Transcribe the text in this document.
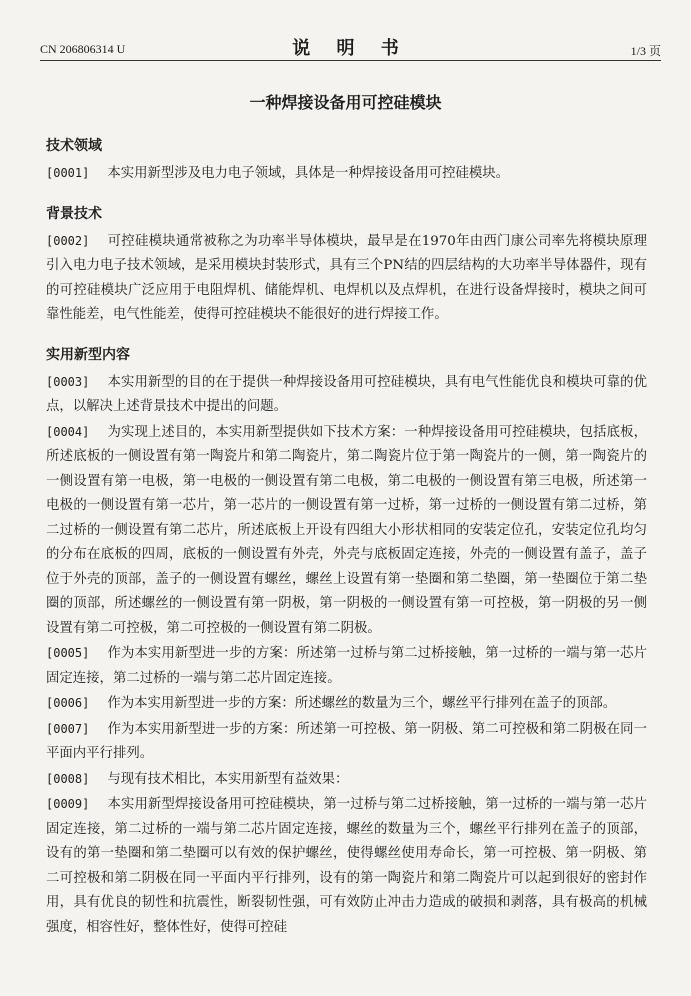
CN 206806314 U	说 明 书	1/3 页
一种焊接设备用可控硅模块
技术领域

[0001] 本实用新型涉及电力电子领域，具体是一种焊接设备用可控硅模块。

背景技术

[0002] 可控硅模块通常被称之为功率半导体模块，最早是在1970年由西门康公司率先将模块原理引入电力电子技术领域，是采用模块封装形式，具有三个PN结的四层结构的大功率半导体器件，现有的可控硅模块广泛应用于电阻焊机、储能焊机、电焊机以及点焊机，在进行设备焊接时，模块之间可靠性能差，电气性能差，使得可控硅模块不能很好的进行焊接工作。

实用新型内容

[0003] 本实用新型的目的在于提供一种焊接设备用可控硅模块，具有电气性能优良和模块可靠的优点，以解决上述背景技术中提出的问题。

[0004] 为实现上述目的，本实用新型提供如下技术方案：一种焊接设备用可控硅模块，包括底板，所述底板的一侧设置有第一陶瓷片和第二陶瓷片，第二陶瓷片位于第一陶瓷片的一侧，第一陶瓷片的一侧设置有第一电极，第一电极的一侧设置有第二电极，第二电极的一侧设置有第三电极，所述第一电极的一侧设置有第一芯片，第一芯片的一侧设置有第一过桥，第一过桥的一侧设置有第二过桥，第二过桥的一侧设置有第二芯片，所述底板上开设有四组大小形状相同的安装定位孔，安装定位孔均匀的分布在底板的四周，底板的一侧设置有外壳，外壳与底板固定连接，外壳的一侧设置有盖子，盖子位于外壳的顶部，盖子的一侧设置有螺丝，螺丝上设置有第一垫圈和第二垫圈，第一垫圈位于第二垫圈的顶部，所述螺丝的一侧设置有第一阴极，第一阴极的一侧设置有第一可控极，第一阴极的另一侧设置有第二可控极，第二可控极的一侧设置有第二阴极。

[0005] 作为本实用新型进一步的方案：所述第一过桥与第二过桥接触，第一过桥的一端与第一芯片固定连接，第二过桥的一端与第二芯片固定连接。

[0006] 作为本实用新型进一步的方案：所述螺丝的数量为三个，螺丝平行排列在盖子的顶部。

[0007] 作为本实用新型进一步的方案：所述第一可控极、第一阴极、第二可控极和第二阴极在同一平面内平行排列。

[0008] 与现有技术相比，本实用新型有益效果：

[0009] 本实用新型焊接设备用可控硅模块，第一过桥与第二过桥接触，第一过桥的一端与第一芯片固定连接，第二过桥的一端与第二芯片固定连接，螺丝的数量为三个，螺丝平行排列在盖子的顶部，设有的第一垫圈和第二垫圈可以有效的保护螺丝，使得螺丝使用寿命长，第一可控极、第一阴极、第二可控极和第二阴极在同一平面内平行排列，设有的第一陶瓷片和第二陶瓷片可以起到很好的密封作用，具有优良的韧性和抗震性，断裂韧性强，可有效防止冲击力造成的破损和剥落，具有极高的机械强度，相容性好，整体性好，使得可控硅
